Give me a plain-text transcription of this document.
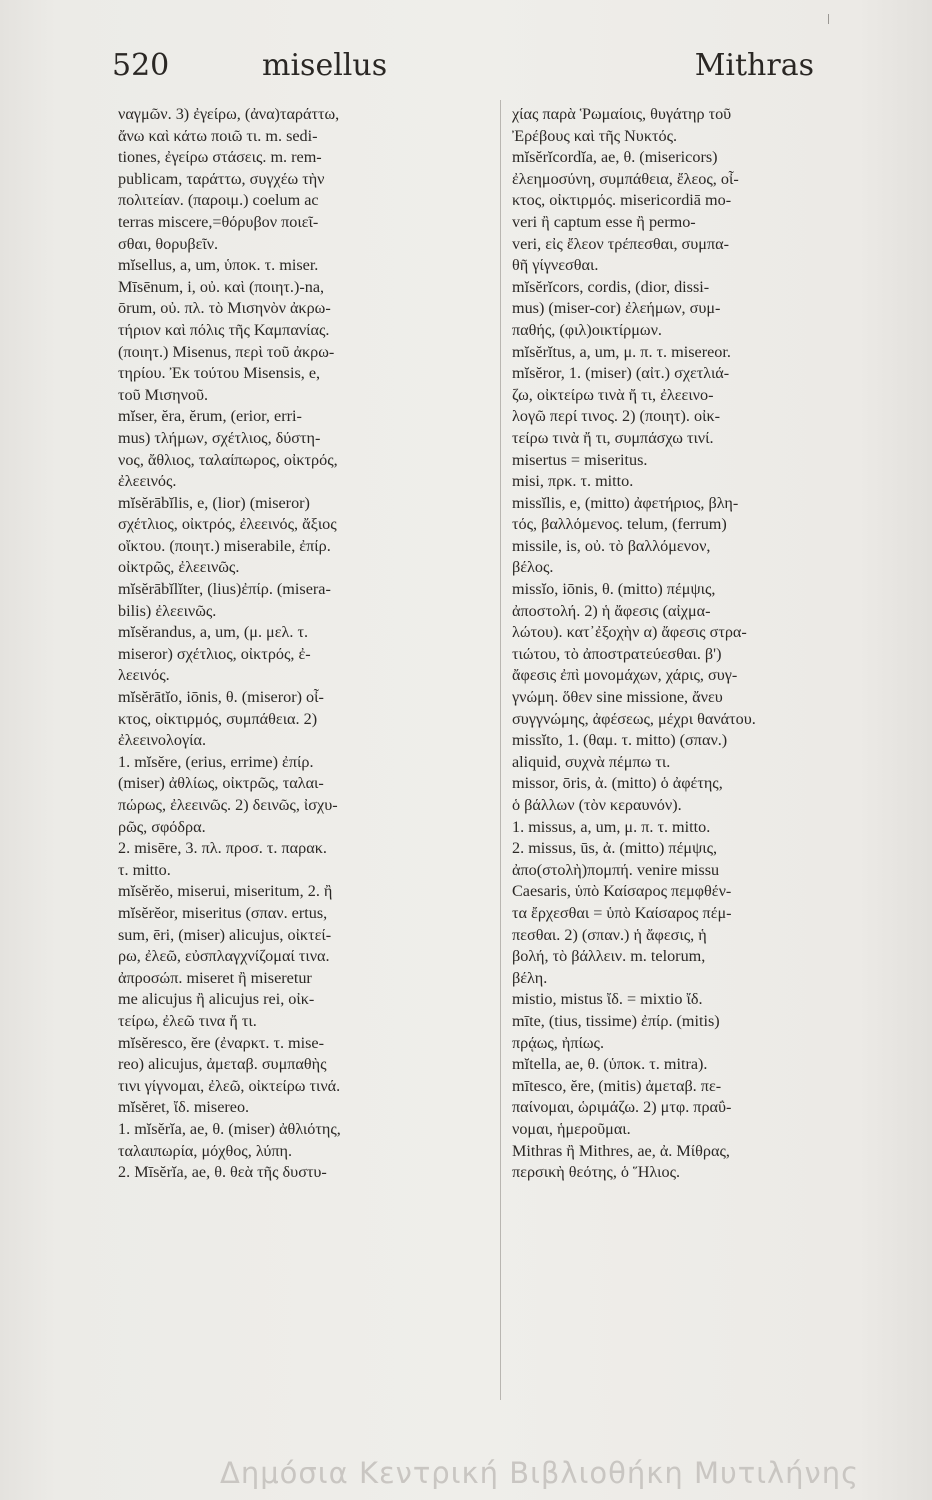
520	misellus	Mithras
ναγμῶν. 3) ἐγείρω, (ἀνα)ταράττω,
ἄνω καὶ κάτω ποιῶ τι. m. sedi-
tiones, ἐγείρω στάσεις. m. rem-
publicam, ταράττω, συγχέω τὴν
πολιτείαν. (παροιμ.) coelum ac
terras miscere,=θόρυβον ποιεῖ-
σθαι, θορυβεῖν.
mĭsellus, a, um, ὑποκ. τ. miser.
Mīsēnum, i, οὐ. καὶ (ποιητ.)-na,
ōrum, οὐ. πλ. τὸ Μισηνὸν ἀκρω-
τήριον καὶ πόλις τῆς Καμπανίας.
(ποιητ.) Misenus, περὶ τοῦ ἀκρω-
τηρίου. Ἐκ τούτου Misensis, e,
τοῦ Μισηνοῦ.
mĭser, ĕra, ĕrum, (erior, erri-
mus) τλήμων, σχέτλιος, δύστη-
νος, ἄθλιος, ταλαίπωρος, οἰκτρός,
ἐλεεινός.
mĭsĕrābĭlis, e, (lior) (miseror)
σχέτλιος, οἰκτρός, ἐλεεινός, ἄξιος
οἴκτου. (ποιητ.) miserabile, ἐπίρ.
οἰκτρῶς, ἐλεεινῶς.
mĭsĕrābĭlĭter, (lius)ἐπίρ. (misera-
bilis) ἐλεεινῶς.
mĭsĕrandus, a, um, (μ. μελ. τ.
miseror) σχέτλιος, οἰκτρός, ἐ-
λεεινός.
mĭsĕrātĭo, iōnis, θ. (miseror) οἶ-
κτος, οἰκτιρμός, συμπάθεια. 2)
ἐλεεινολογία.
1. mĭsĕre, (erius, errime) ἐπίρ.
(miser) ἀθλίως, οἰκτρῶς, ταλαι-
πώρως, ἐλεεινῶς. 2) δεινῶς, ἰσχυ-
ρῶς, σφόδρα.
2. misēre, 3. πλ. προσ. τ. παρακ.
τ. mitto.
mĭsĕrĕo, miserui, miseritum, 2. ἢ
mĭsĕrĕor, miseritus (σπαν. ertus,
sum, ēri, (miser) alicujus, οἰκτεί-
ρω, ἐλεῶ, εὐσπλαγχνίζομαί τινα.
ἀπροσώπ. miseret ἢ miseretur
me alicujus ἢ alicujus rei, οἰκ-
τείρω, ἐλεῶ τινα ἤ τι.
mĭsĕresco, ĕre (ἐναρκτ. τ. mise-
reo) alicujus, ἀμεταβ. συμπαθὴς
τινι γίγνομαι, ἐλεῶ, οἰκτείρω τινά.
mĭsĕret, ἴδ. misereo.
1. mĭsĕrĭa, ae, θ. (miser) ἀθλιότης,
ταλαιπωρία, μόχθος, λύπη.
2. Mīsĕrĭa, ae, θ. θεὰ τῆς δυστυ-
χίας παρὰ Ῥωμαίοις, θυγάτηρ τοῦ
Ἐρέβους καὶ τῆς Νυκτός.
mĭsĕrĭcordĭa, ae, θ. (misericors)
ἐλεημοσύνη, συμπάθεια, ἔλεος, οἶ-
κτος, οἰκτιρμός. misericordiā mo-
veri ἢ captum esse ἢ permo-
veri, εἰς ἔλεον τρέπεσθαι, συμπα-
θῆ γίγνεσθαι.
mĭsĕrĭcors, cordis, (dior, dissi-
mus) (miser-cor) ἐλεήμων, συμ-
παθής, (φιλ)οικτίρμων.
mĭsĕrĭtus, a, um, μ. π. τ. misereor.
mĭsĕror, 1. (miser) (αἰτ.) σχετλιά-
ζω, οἰκτείρω τινὰ ἤ τι, ἐλεεινο-
λογῶ περί τινος. 2) (ποιητ). οἰκ-
τείρω τινὰ ἤ τι, συμπάσχω τινί.
misertus = miseritus.
misi, πρκ. τ. mitto.
missĭlis, e, (mitto) ἀφετήριος, βλη-
τός, βαλλόμενος. telum, (ferrum)
missile, is, οὐ. τὸ βαλλόμενον,
βέλος.
missĭo, iōnis, θ. (mitto) πέμψις,
ἀποστολή. 2) ἡ ἄφεσις (αἰχμα-
λώτου). κατ᾽ἐξοχὴν α) ἄφεσις στρα-
τιώτου, τὸ ἀποστρατεύεσθαι. β')
ἄφεσις ἐπὶ μονομάχων, χάρις, συγ-
γνώμη. ὅθεν sine missione, ἄνευ
συγγνώμης, ἀφέσεως, μέχρι θανάτου.
missĭto, 1. (θαμ. τ. mitto) (σπαν.)
aliquid, συχνὰ πέμπω τι.
missor, ōris, ἀ. (mitto) ὁ ἀφέτης,
ὁ βάλλων (τὸν κεραυνόν).
1. missus, a, um, μ. π. τ. mitto.
2. missus, ūs, ἀ. (mitto) πέμψις,
ἀπο(στολὴ)πομπή. venire missu
Caesaris, ὑπὸ Καίσαρος πεμφθέν-
τα ἔρχεσθαι = ὑπὸ Καίσαρος πέμ-
πεσθαι. 2) (σπαν.) ἡ ἄφεσις, ἡ
βολή, τὸ βάλλειν. m. telorum,
βέλη.
mistio, mistus ἴδ. = mixtio ἴδ.
mīte, (tius, tissime) ἐπίρ. (mitis)
πρᾴως, ἠπίως.
mĭtella, ae, θ. (ὑποκ. τ. mitra).
mītesco, ĕre, (mitis) ἀμεταβ. πε-
παίνομαι, ὡριμάζω. 2) μτφ. πραΰ-
νομαι, ἡμεροῦμαι.
Mithras ἢ Mithres, ae, ἀ. Μίθρας,
περσικὴ θεότης, ὁ Ἥλιος.
Δημόσια Κεντρική Βιβλιοθήκη Μυτιλήνης
